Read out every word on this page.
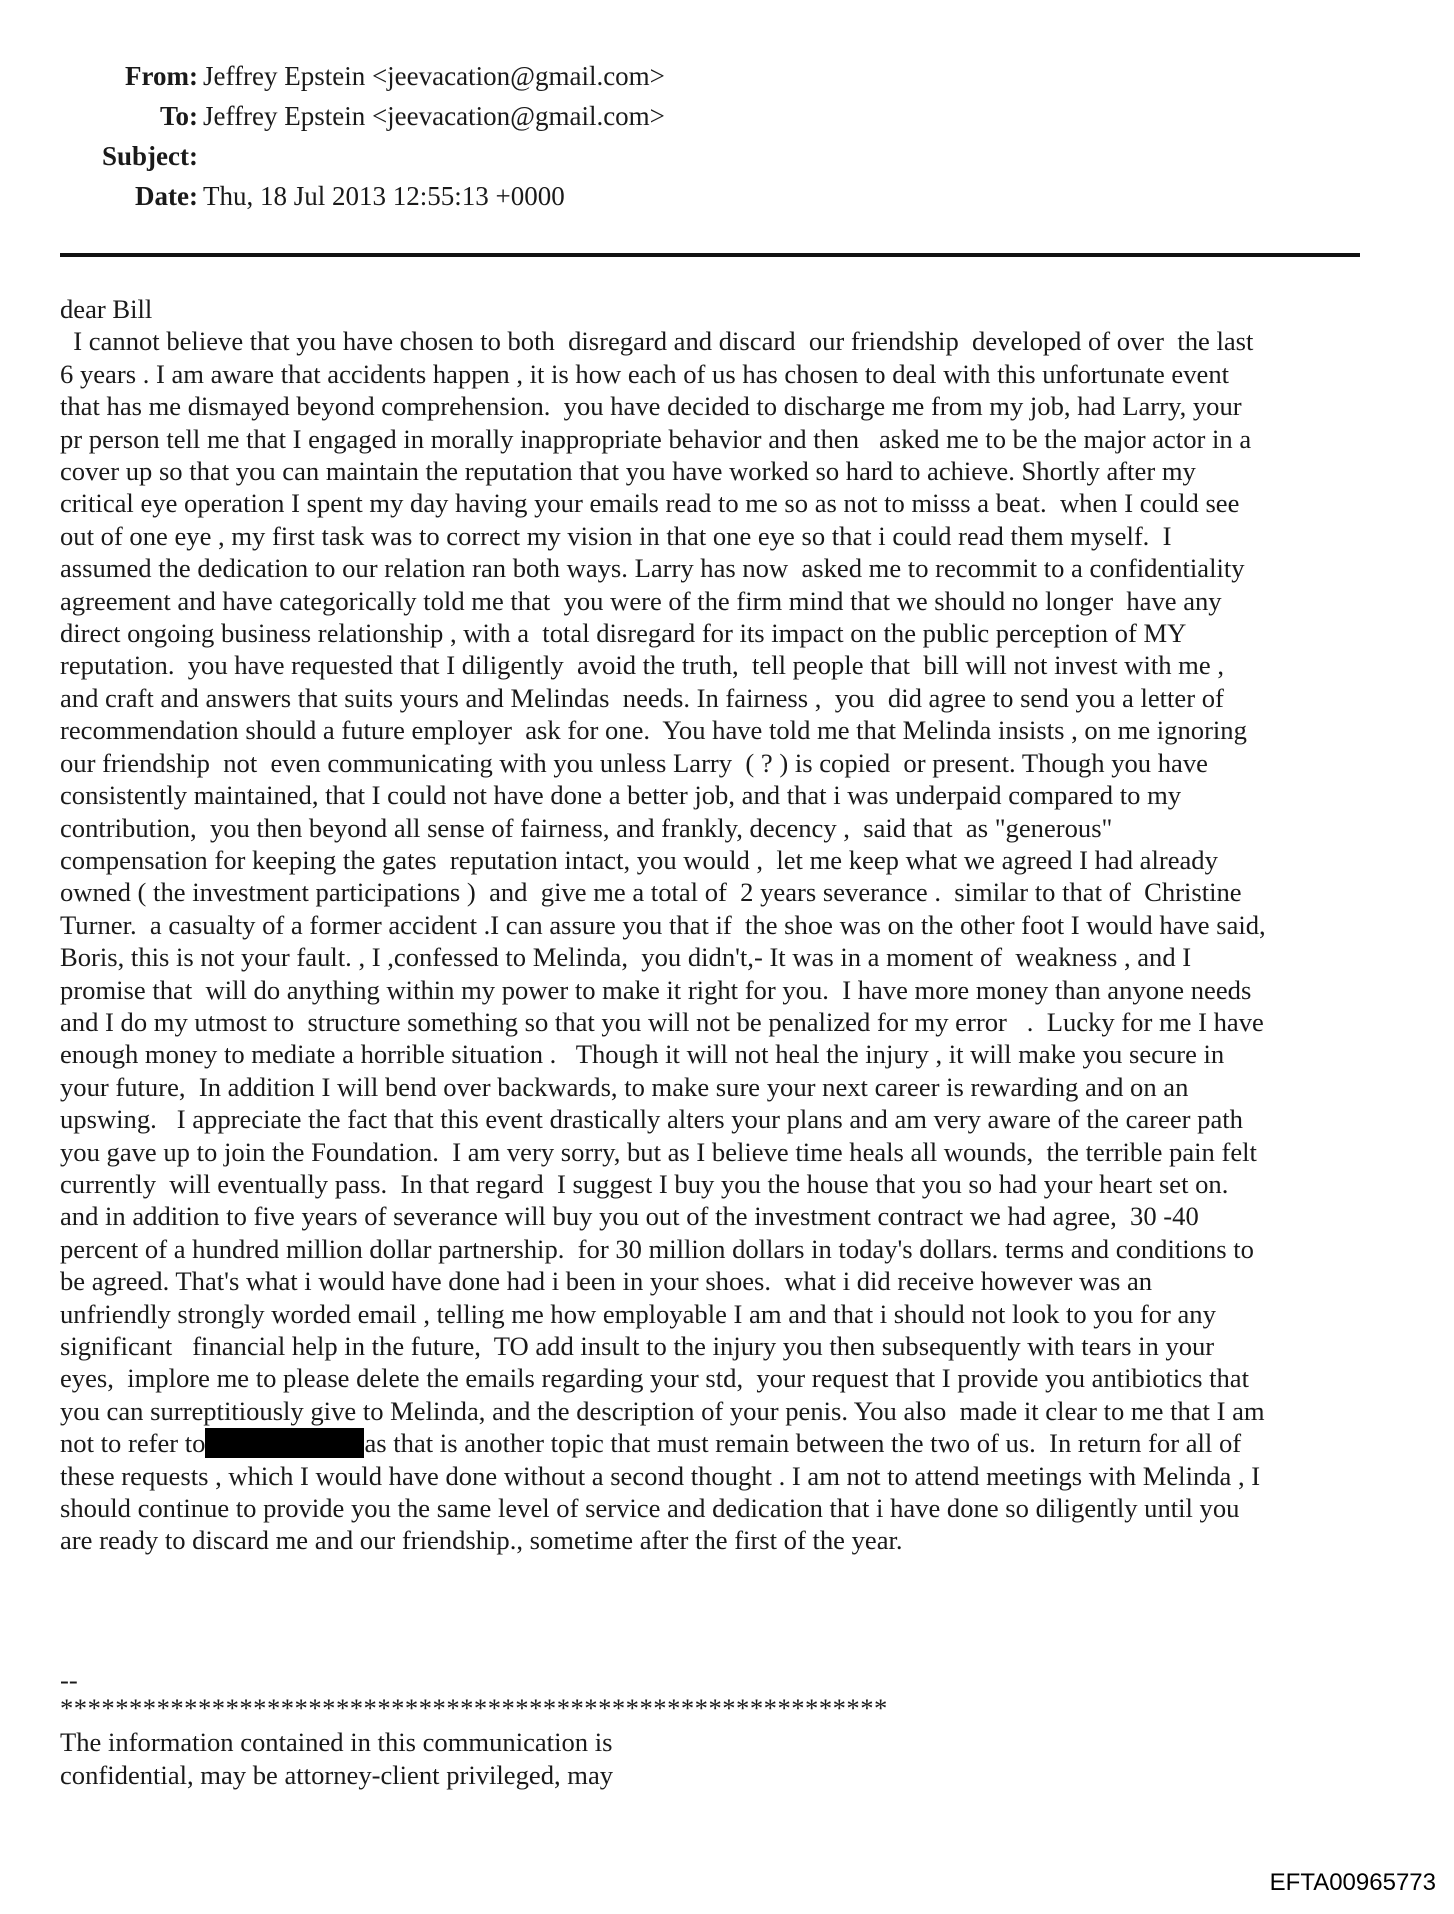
From: Jeffrey Epstein <jeevacation@gmail.com>
To: Jeffrey Epstein <jeevacation@gmail.com>
Subject:
Date: Thu, 18 Jul 2013 12:55:13 +0000
dear Bill
I cannot believe that you have chosen to both  disregard and discard  our friendship  developed of over  the last
6 years . I am aware that accidents happen , it is how each of us has chosen to deal with this unfortunate event
that has me dismayed beyond comprehension.  you have decided to discharge me from my job, had Larry, your
pr person tell me that I engaged in morally inappropriate behavior and then   asked me to be the major actor in a
cover up so that you can maintain the reputation that you have worked so hard to achieve. Shortly after my
critical eye operation I spent my day having your emails read to me so as not to misss a beat.  when I could see
out of one eye , my first task was to correct my vision in that one eye so that i could read them myself.  I
assumed the dedication to our relation ran both ways. Larry has now  asked me to recommit to a confidentiality
agreement and have categorically told me that  you were of the firm mind that we should no longer  have any
direct ongoing business relationship , with a  total disregard for its impact on the public perception of MY
reputation.  you have requested that I diligently  avoid the truth,  tell people that  bill will not invest with me ,
and craft and answers that suits yours and Melindas  needs. In fairness ,  you  did agree to send you a letter of
recommendation should a future employer  ask for one.  You have told me that Melinda insists , on me ignoring
our friendship  not  even communicating with you unless Larry  ( ? ) is copied  or present. Though you have
consistently maintained, that I could not have done a better job, and that i was underpaid compared to my
contribution,  you then beyond all sense of fairness, and frankly, decency ,  said that  as "generous"
compensation for keeping the gates  reputation intact, you would ,  let me keep what we agreed I had already
owned ( the investment participations )  and  give me a total of  2 years severance .  similar to that of  Christine
Turner.  a casualty of a former accident .I can assure you that if  the shoe was on the other foot I would have said,
Boris, this is not your fault. , I ,confessed to Melinda,  you didn't,- It was in a moment of  weakness , and I
promise that  will do anything within my power to make it right for you.  I have more money than anyone needs
and I do my utmost to  structure something so that you will not be penalized for my error   .  Lucky for me I have
enough money to mediate a horrible situation .   Though it will not heal the injury , it will make you secure in
your future,  In addition I will bend over backwards, to make sure your next career is rewarding and on an
upswing.   I appreciate the fact that this event drastically alters your plans and am very aware of the career path
you gave up to join the Foundation.  I am very sorry, but as I believe time heals all wounds,  the terrible pain felt
currently  will eventually pass.  In that regard  I suggest I buy you the house that you so had your heart set on.
and in addition to five years of severance will buy you out of the investment contract we had agree,  30 -40
percent of a hundred million dollar partnership.  for 30 million dollars in today's dollars. terms and conditions to
be agreed. That's what i would have done had i been in your shoes.  what i did receive however was an
unfriendly strongly worded email , telling me how employable I am and that i should not look to you for any
significant   financial help in the future,  TO add insult to the injury you then subsequently with tears in your
eyes,  implore me to please delete the emails regarding your std,  your request that I provide you antibiotics that
you can surreptitiously give to Melinda, and the description of your penis. You also  made it clear to me that I am
not to refer to	as that is another topic that must remain between the two of us.  In return for all of
these requests , which I would have done without a second thought . I am not to attend meetings with Melinda , I
should continue to provide you the same level of service and dedication that i have done so diligently until you
are ready to discard me and our friendship., sometime after the first of the year.
--
************************************************************
The information contained in this communication is
confidential, may be attorney-client privileged, may
EFTA00965773
